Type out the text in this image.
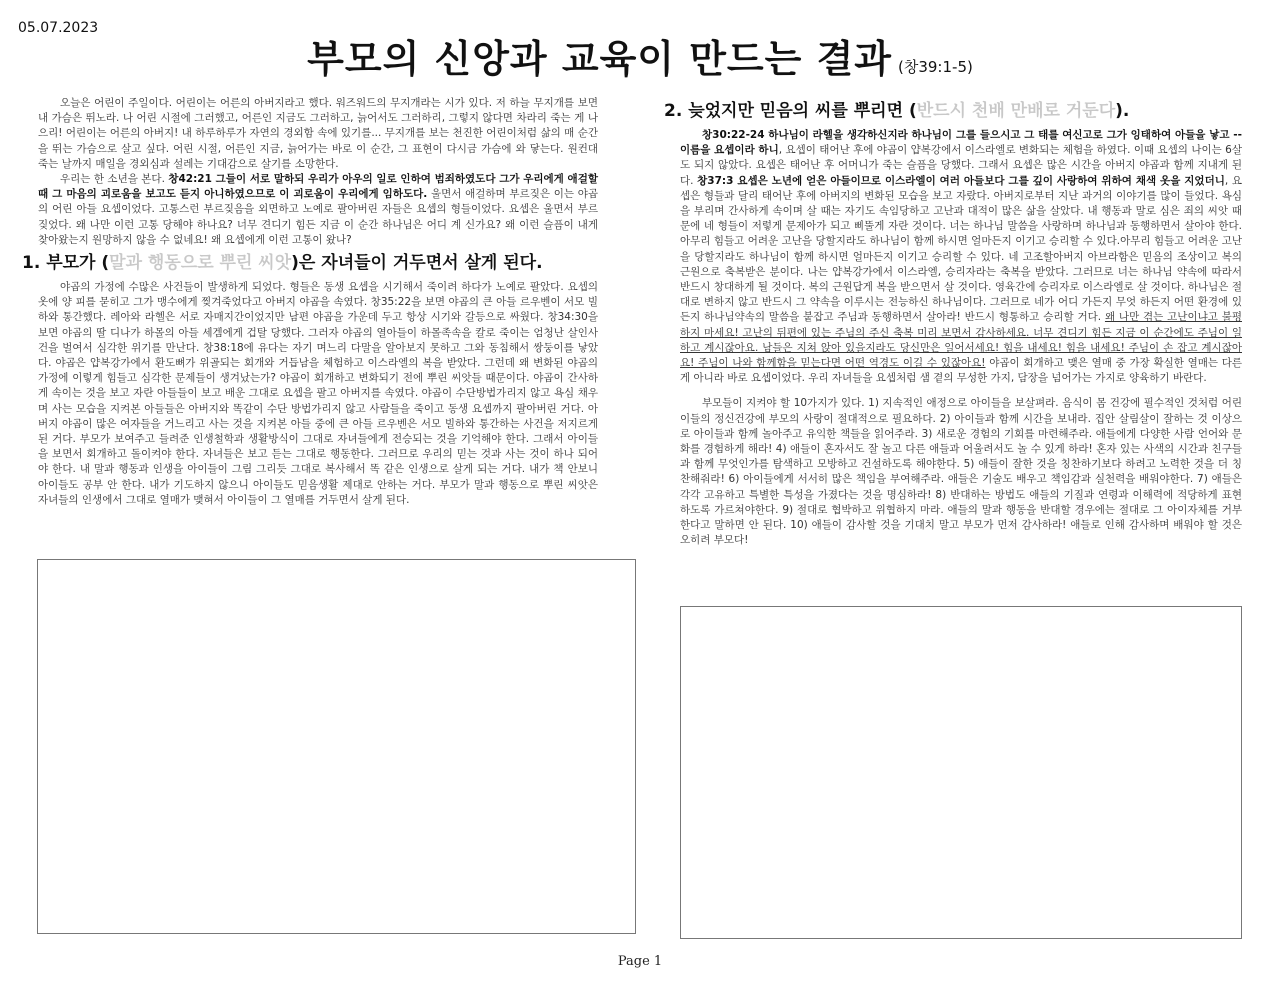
05.07.2023
부모의 신앙과 교육이 만드는 결과 (창39:1-5)

오늘은 어린이 주일이다. 어린이는 어른의 아버지라고 했다. 워즈워드의 무지개라는 시가 있다. 저 하늘 무지개를 보면 내 가슴은 뛰노라. 나 어린 시절에 그러했고, 어른인 지금도 그러하고, 늙어서도 그러하리, 그렇지 않다면 차라리 죽는 게 나으리! 어린이는 어른의 아버지! 내 하루하루가 자연의 경외함 속에 있기를... 무지개를 보는 천진한 어린이처럼 삶의 매 순간을 뛰는 가슴으로 살고 싶다. 어린 시절, 어른인 지금, 늙어가는 바로 이 순간, 그 표현이 다시금 가슴에 와 닿는다. 원컨대 죽는 날까지 매일을 경외심과 설레는 기대감으로 살기를 소망한다.

우리는 한 소년을 본다. 창42:21 그들이 서로 말하되 우리가 아우의 일로 인하여 범죄하였도다 그가 우리에게 애걸할 때 그 마음의 괴로움을 보고도 듣지 아니하였으므로 이 괴로움이 우리에게 임하도다. 울면서 애걸하며 부르짖은 이는 야곱의 어린 아들 요셉이었다. 고통스런 부르짖음을 외면하고 노예로 팔아버린 자들은 요셉의 형들이었다. 요셉은 울면서 부르짖었다. 왜 나만 이런 고통 당해야 하나요? 너무 견디기 힘든 지금 이 순간 하나님은 어디 계 신가요? 왜 이런 슬픔이 내게 찾아왔는지 원망하지 않을 수 없네요! 왜 요셉에게 이런 고통이 왔나?

1. 부모가 (말과 행동으로 뿌린 씨앗)은 자녀들이 거두면서 살게 된다.

야곱의 가정에 수많은 사건들이 발생하게 되었다. 형들은 동생 요셉을 시기해서 죽이려 하다가 노예로 팔았다. 요셉의 옷에 양 피를 묻히고 그가 맹수에게 찢겨죽었다고 아버지 야곱을 속였다. 창35:22을 보면 야곱의 큰 아들 르우벤이 서모 빌하와 통간했다. 레아와 라헬은 서로 자매지간이었지만 남편 야곱을 가운데 두고 항상 시기와 갈등으로 싸웠다. 창34:30을 보면 야곱의 딸 디나가 하몰의 아들 세겜에게 겁탈 당했다. 그러자 야곱의 열아들이 하몰족속을 칼로 죽이는 엄청난 살인사건을 벌여서 심각한 위기를 만난다. 창38:18에 유다는 자기 며느리 다말을 알아보지 못하고 그와 동침해서 쌍둥이를 낳았다. 야곱은 얍복강가에서 환도뼈가 위골되는 회개와 거듭남을 체험하고 이스라엘의 복을 받았다. 그런데 왜 변화된 야곱의 가정에 이렇게 힘들고 심각한 문제들이 생겨났는가? 야곱이 회개하고 변화되기 전에 뿌린 씨앗들 때문이다. 야곱이 간사하게 속이는 것을 보고 자란 아들들이 보고 배운 그대로 요셉을 팔고 아버지를 속였다. 야곱이 수단방법가리지 않고 욕심 채우며 사는 모습을 지켜본 아들들은 아버지와 똑같이 수단 방법가리지 않고 사람들을 죽이고 동생 요셉까지 팔아버린 거다. 아버지 야곱이 많은 여자들을 거느리고 사는 것을 지켜본 아들 중에 큰 아들 르우벤은 서모 빌하와 통간하는 사건을 저지르게 된 거다. 부모가 보여주고 들려준 인생철학과 생활방식이 그대로 자녀들에게 전승되는 것을 기억해야 한다. 그래서 아이들을 보면서 회개하고 돌이켜야 한다. 자녀들은 보고 듣는 그대로 행동한다. 그러므로 우리의 믿는 것과 사는 것이 하나 되어야 한다. 내 말과 행동과 인생을 아이들이 그림 그리듯 그대로 복사해서 똑 같은 인생으로 살게 되는 거다. 내가 책 안보니 아이들도 공부 안 한다. 내가 기도하지 않으니 아이들도 믿음생활 제대로 안하는 거다. 부모가 말과 행동으로 뿌린 씨앗은 자녀들의 인생에서 그대로 열매가 맺혀서 아이들이 그 열매를 거두면서 살게 된다.

2. 늦었지만 믿음의 씨를 뿌리면 (반드시 천배 만배로 거둔다).

창30:22-24 하나님이 라헬을 생각하신지라 하나님이 그를 들으시고 그 태를 여신고로 그가 잉태하여 아들을 낳고 -- 이름을 요셉이라 하니, 요셉이 태어난 후에 야곱이 얍복강에서 이스라엘로 변화되는 체험을 하였다. 이때 요셉의 나이는 6살도 되지 않았다. 요셉은 태어난 후 어머니가 죽는 슬픔을 당했다. 그래서 요셉은 많은 시간을 아버지 야곱과 함께 지내게 된다. 창37:3 요셉은 노년에 얻은 아들이므로 이스라엘이 여러 아들보다 그를 깊이 사랑하여 위하여 채색 옷을 지었더니, 요셉은 형들과 달리 태어난 후에 아버지의 변화된 모습을 보고 자랐다. 아버지로부터 지난 과거의 이야기를 많이 들었다. 욕심을 부리며 간사하게 속이며 살 때는 자기도 속임당하고 고난과 대적이 많은 삶을 살았다. 내 행동과 말로 심은 죄의 씨앗 때문에 네 형들이 저렇게 문제아가 되고 삐뚤게 자란 것이다. 너는 하나님 말씀을 사랑하며 하나님과 동행하면서 살아야 한다. 아무리 힘들고 어려운 고난을 당할지라도 하나님이 함께 하시면 얼마든지 이기고 승리할 수 있다.아무리 힘들고 어려운 고난을 당할지라도 하나님이 함께 하시면 얼마든지 이기고 승리할 수 있다. 네 고조할아버지 아브라함은 믿음의 조상이고 복의 근원으로 축복받은 분이다. 나는 얍복강가에서 이스라엘, 승리자라는 축복을 받았다. 그러므로 너는 하나님 약속에 따라서 반드시 창대하게 될 것이다. 복의 근원답게 복을 받으면서 살 것이다. 영육간에 승리자로 이스라엘로 살 것이다. 하나님은 절대로 변하지 않고 반드시 그 약속을 이루시는 전능하신 하나님이다. 그러므로 네가 어디 가든지 무엇 하든지 어떤 환경에 있든지 하나님약속의 말씀을 붙잡고 주님과 동행하면서 살아라! 반드시 형통하고 승리할 거다. 왜 나만 겪는 고난이냐고 불평하지 마세요! 고난의 뒤편에 있는 주님의 주신 축복 미리 보면서 감사하세요. 너무 견디기 힘든 지금 이 순간에도 주님이 일하고 계시잖아요. 남들은 지쳐 앉아 있을지라도 당신만은 일어서세요! 힘을 내세요! 힘을 내세요! 주님이 손 잡고 계시잖아요! 주님이 나와 함께함을 믿는다면 어떤 역경도 이길 수 있잖아요! 야곱이 회개하고 맺은 열매 중 가장 확실한 열매는 다른 게 아니라 바로 요셉이었다. 우리 자녀들을 요셉처럼 샘 곁의 무성한 가지, 담장을 넘어가는 가지로 양육하기 바란다.

부모들이 지켜야 할 10가지가 있다. 1) 지속적인 애정으로 아이들을 보살펴라. 음식이 몸 건강에 필수적인 것처럼 어린이들의 정신건강에 부모의 사랑이 절대적으로 필요하다. 2) 아이들과 함께 시간을 보내라. 집안 살림살이 잘하는 것 이상으로 아이들과 함께 놀아주고 유익한 책들을 읽어주라. 3) 새로운 경험의 기회를 마련해주라. 애들에게 다양한 사람 언어와 문화를 경험하게 해라! 4) 애들이 혼자서도 잘 놀고 다른 애들과 어울려서도 놀 수 있게 하라! 혼자 있는 사색의 시간과 친구들과 함께 무엇인가를 탐색하고 모방하고 건설하도록 해야한다. 5) 애들이 잘한 것을 칭찬하기보다 하려고 노력한 것을 더 칭찬해줘라! 6) 아이들에게 서서히 많은 책임을 부여해주라. 애들은 기술도 배우고 책임감과 실천력을 배워야한다. 7) 애들은 각각 고유하고 특별한 특성을 가졌다는 것을 명심하라! 8) 반대하는 방법도 애들의 기질과 연령과 이해력에 적당하게 표현하도록 가르쳐야한다. 9) 절대로 협박하고 위협하지 마라. 애들의 말과 행동을 반대할 경우에는 절대로 그 아이자체를 거부한다고 말하면 안 된다. 10) 애들이 감사할 것을 기대치 말고 부모가 먼저 감사하라! 애들로 인해 감사하며 배워야 할 것은 오히려 부모다!

Page 1
